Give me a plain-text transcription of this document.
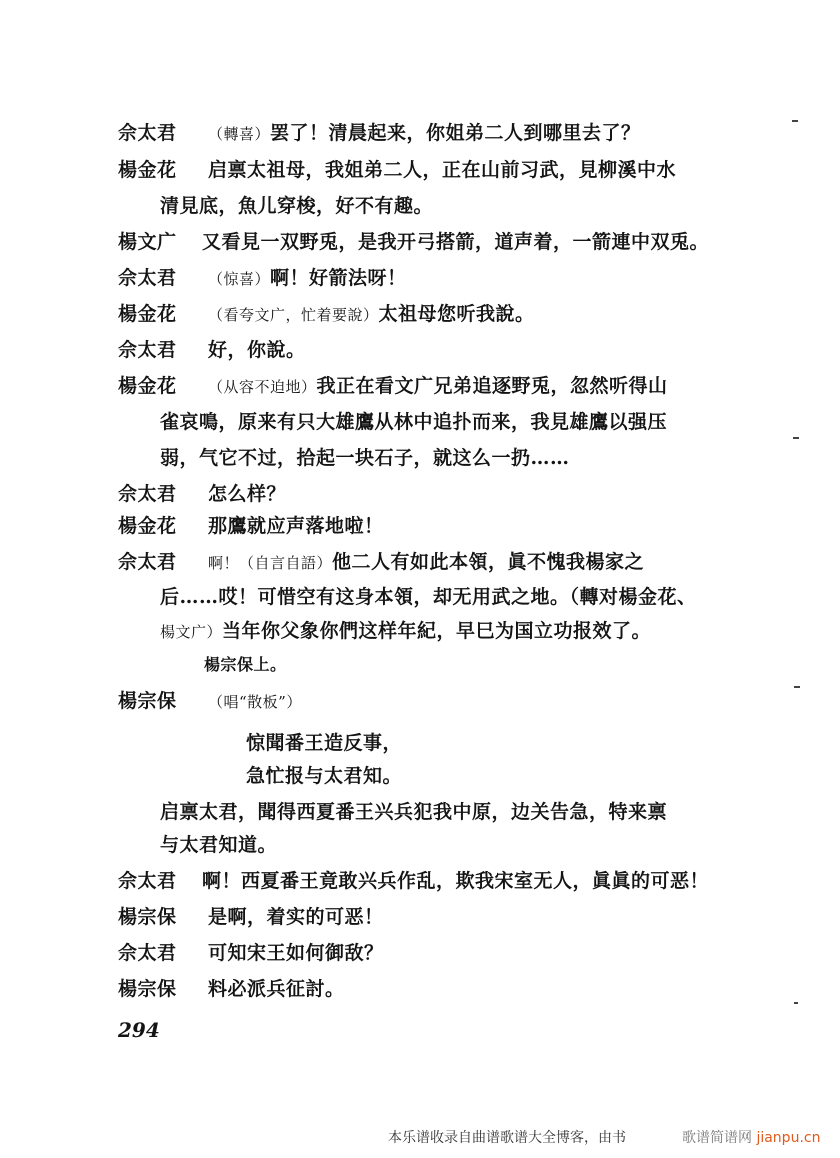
佘太君 （轉喜）罢了！清晨起来，你姐弟二人到哪里去了？
楊金花 启禀太祖母，我姐弟二人，正在山前习武，見柳溪中水
清見底，魚儿穿梭，好不有趣。
楊文广 又看見一双野兎，是我开弓搭箭，道声着，一箭連中双兎。
佘太君 （惊喜）啊！好箭法呀！
楊金花 （看夸文广，忙着要說）太祖母您听我說。
佘太君 好，你說。
楊金花 （从容不迫地）我正在看文广兄弟追逐野兎，忽然听得山
雀哀鳴，原来有只大雄鷹从林中追扑而来，我見雄鷹以强压
弱，气它不过，拾起一块石子，就这么一扔……
佘太君 怎么样？
楊金花 那鷹就应声落地啦！
佘太君 啊！（自言自語）他二人有如此本領，眞不愧我楊家之
后……哎！可惜空有这身本領，却无用武之地。（轉对楊金花、
楊文广）当年你父象你們这样年紀，早巳为国立功报效了。
楊宗保上。
楊宗保 （唱“散板”）
惊聞番王造反事，
急忙报与太君知。
启禀太君，聞得西夏番王兴兵犯我中原，边关告急，特来禀
与太君知道。
佘太君 啊！西夏番王竟敢兴兵作乱，欺我宋室无人，眞眞的可恶！
楊宗保 是啊，着实的可恶！
佘太君 可知宋王如何御敌？
楊宗保 料必派兵征討。
294
本乐谱收录自曲谱歌谱大全博客，由书	歌谱简谱网 jianpu.cn
